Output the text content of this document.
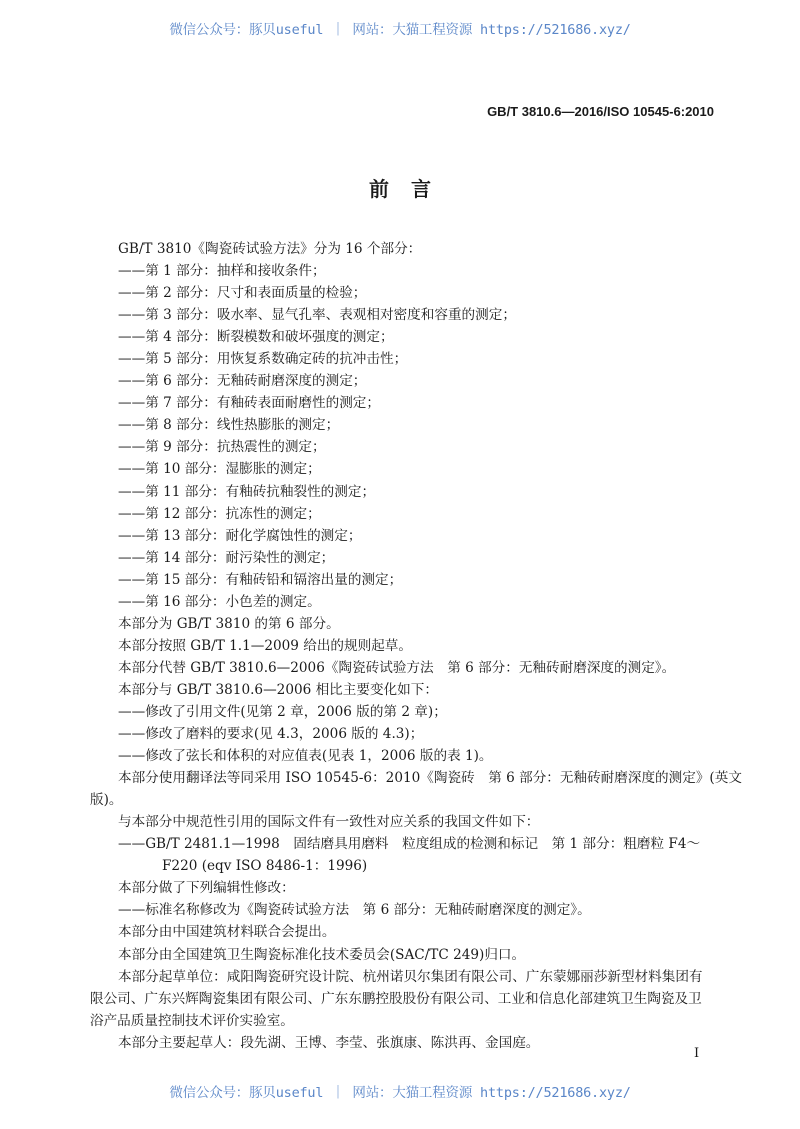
微信公众号：豚贝useful ｜ 网站：大猫工程资源 https://521686.xyz/
GB/T 3810.6—2016/ISO 10545-6:2010
前言
GB/T 3810《陶瓷砖试验方法》分为 16 个部分：
——第 1 部分：抽样和接收条件；
——第 2 部分：尺寸和表面质量的检验；
——第 3 部分：吸水率、显气孔率、表观相对密度和容重的测定；
——第 4 部分：断裂模数和破坏强度的测定；
——第 5 部分：用恢复系数确定砖的抗冲击性；
——第 6 部分：无釉砖耐磨深度的测定；
——第 7 部分：有釉砖表面耐磨性的测定；
——第 8 部分：线性热膨胀的测定；
——第 9 部分：抗热震性的测定；
——第 10 部分：湿膨胀的测定；
——第 11 部分：有釉砖抗釉裂性的测定；
——第 12 部分：抗冻性的测定；
——第 13 部分：耐化学腐蚀性的测定；
——第 14 部分：耐污染性的测定；
——第 15 部分：有釉砖铅和镉溶出量的测定；
——第 16 部分：小色差的测定。
本部分为 GB/T 3810 的第 6 部分。
本部分按照 GB/T 1.1—2009 给出的规则起草。
本部分代替 GB/T 3810.6—2006《陶瓷砖试验方法　第 6 部分：无釉砖耐磨深度的测定》。
本部分与 GB/T 3810.6—2006 相比主要变化如下：
——修改了引用文件(见第 2 章，2006 版的第 2 章)；
——修改了磨料的要求(见 4.3，2006 版的 4.3)；
——修改了弦长和体积的对应值表(见表 1，2006 版的表 1)。
本部分使用翻译法等同采用 ISO 10545-6：2010《陶瓷砖　第 6 部分：无釉砖耐磨深度的测定》(英文
版)。
与本部分中规范性引用的国际文件有一致性对应关系的我国文件如下：
——GB/T 2481.1—1998　固结磨具用磨料　粒度组成的检测和标记　第 1 部分：粗磨粒 F4～
F220 (eqv ISO 8486-1：1996)
本部分做了下列编辑性修改：
——标准名称修改为《陶瓷砖试验方法　第 6 部分：无釉砖耐磨深度的测定》。
本部分由中国建筑材料联合会提出。
本部分由全国建筑卫生陶瓷标准化技术委员会(SAC/TC 249)归口。
本部分起草单位：咸阳陶瓷研究设计院、杭州诺贝尔集团有限公司、广东蒙娜丽莎新型材料集团有
限公司、广东兴辉陶瓷集团有限公司、广东东鹏控股股份有限公司、工业和信息化部建筑卫生陶瓷及卫
浴产品质量控制技术评价实验室。
本部分主要起草人：段先湖、王博、李莹、张旗康、陈洪再、金国庭。
I
微信公众号：豚贝useful ｜ 网站：大猫工程资源 https://521686.xyz/
